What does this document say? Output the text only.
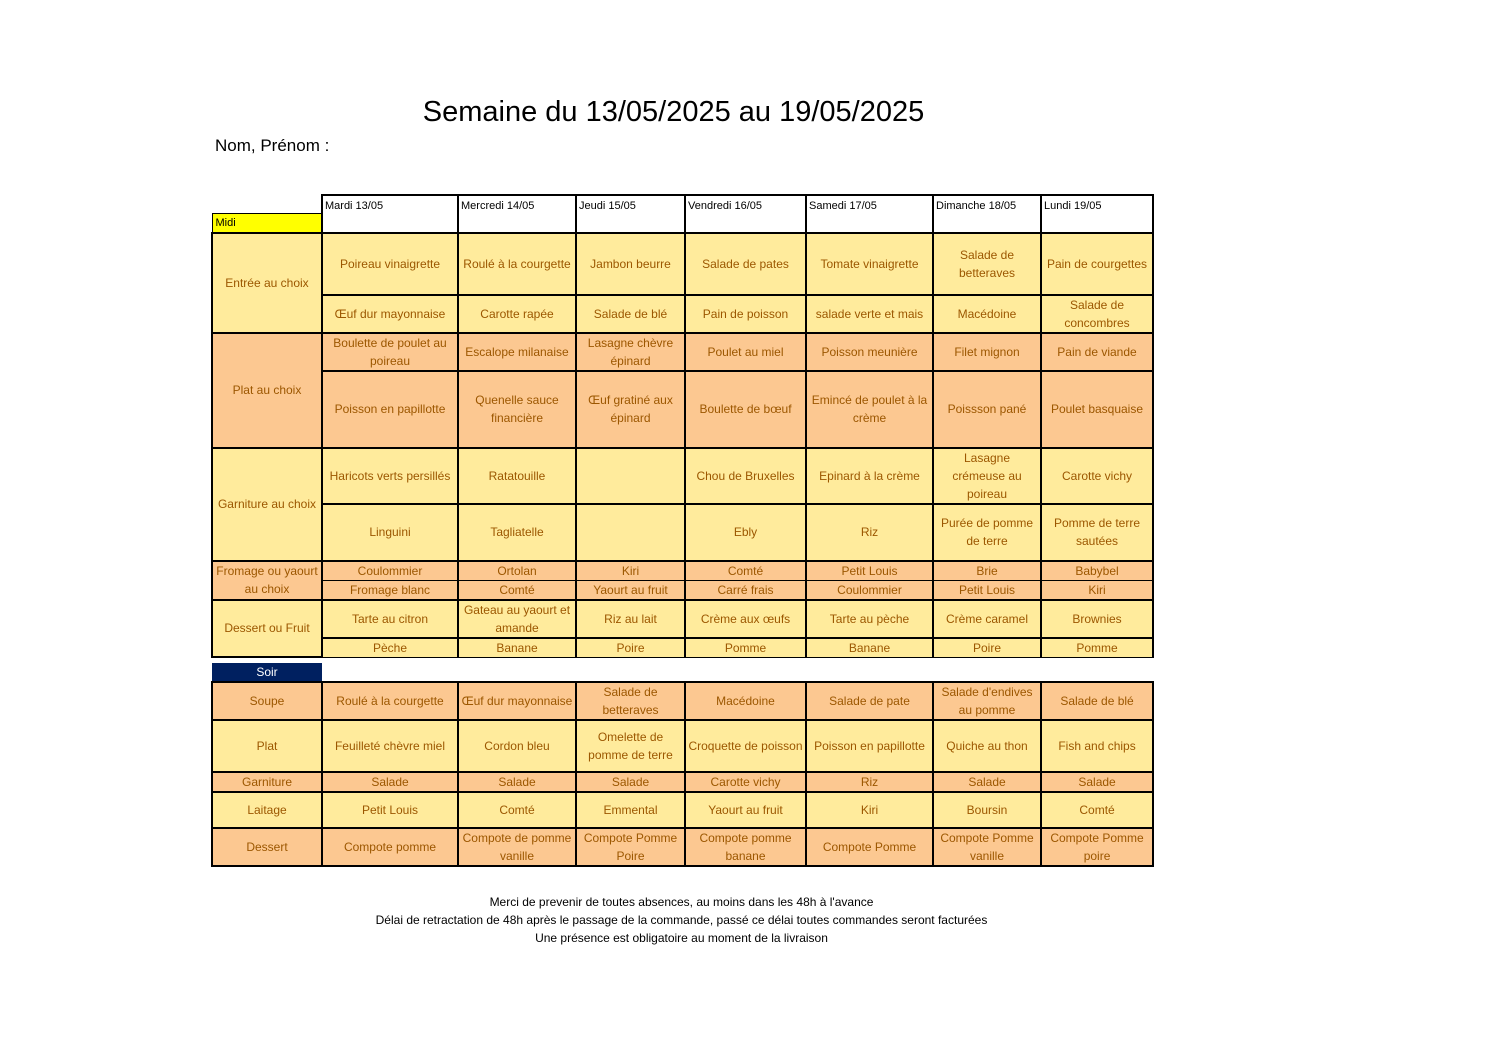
Semaine du 13/05/2025 au 19/05/2025
Nom, Prénom :
	Mardi 13/05	Mercredi 14/05	Jeudi 15/05	Vendredi 16/05	Samedi 17/05	Dimanche 18/05	Lundi 19/05
Midi							
Entrée au choix	Poireau vinaigrette	Roulé à la courgette	Jambon beurre	Salade de pates	Tomate vinaigrette	Salade de betteraves	Pain de courgettes
	Œuf dur mayonnaise	Carotte rapée	Salade de blé	Pain de poisson	salade verte et mais	Macédoine	Salade de concombres
Plat au choix	Boulette de poulet au poireau	Escalope milanaise	Lasagne chèvre épinard	Poulet au miel	Poisson meunière	Filet mignon	Pain de viande
	Poisson en papillotte	Quenelle sauce financière	Œuf gratiné aux épinard	Boulette de bœuf	Emincé de poulet à la crème	Poissson pané	Poulet basquaise
Garniture au choix	Haricots verts persillés	Ratatouille		Chou de Bruxelles	Epinard à la crème	Lasagne crémeuse au poireau	Carotte vichy
	Linguini	Tagliatelle		Ebly	Riz	Purée de pomme de terre	Pomme de terre sautées
Fromage ou yaourt au choix	Coulommier	Ortolan	Kiri	Comté	Petit Louis	Brie	Babybel
	Fromage blanc	Comté	Yaourt au fruit	Carré frais	Coulommier	Petit Louis	Kiri
Dessert ou Fruit	Tarte au citron	Gateau au yaourt et amande	Riz au lait	Crème aux œufs	Tarte au pèche	Crème caramel	Brownies
	Pèche	Banane	Poire	Pomme	Banane	Poire	Pomme
Soir							
Soupe	Roulé à la courgette	Œuf dur mayonnaise	Salade de betteraves	Macédoine	Salade de pate	Salade d'endives au pomme	Salade de blé
Plat	Feuilleté chèvre miel	Cordon bleu	Omelette de pomme de terre	Croquette de poisson	Poisson en papillotte	Quiche au thon	Fish and chips
Garniture	Salade	Salade	Salade	Carotte vichy	Riz	Salade	Salade
Laitage	Petit Louis	Comté	Emmental	Yaourt au fruit	Kiri	Boursin	Comté
Dessert	Compote pomme	Compote de pomme vanille	Compote Pomme Poire	Compote pomme banane	Compote Pomme	Compote Pomme vanille	Compote Pomme poire
Merci de prevenir de toutes absences, au moins dans les 48h à l'avance
Délai de retractation de 48h après le passage de la commande, passé ce délai toutes commandes seront facturées
Une présence est obligatoire au moment de la livraison
